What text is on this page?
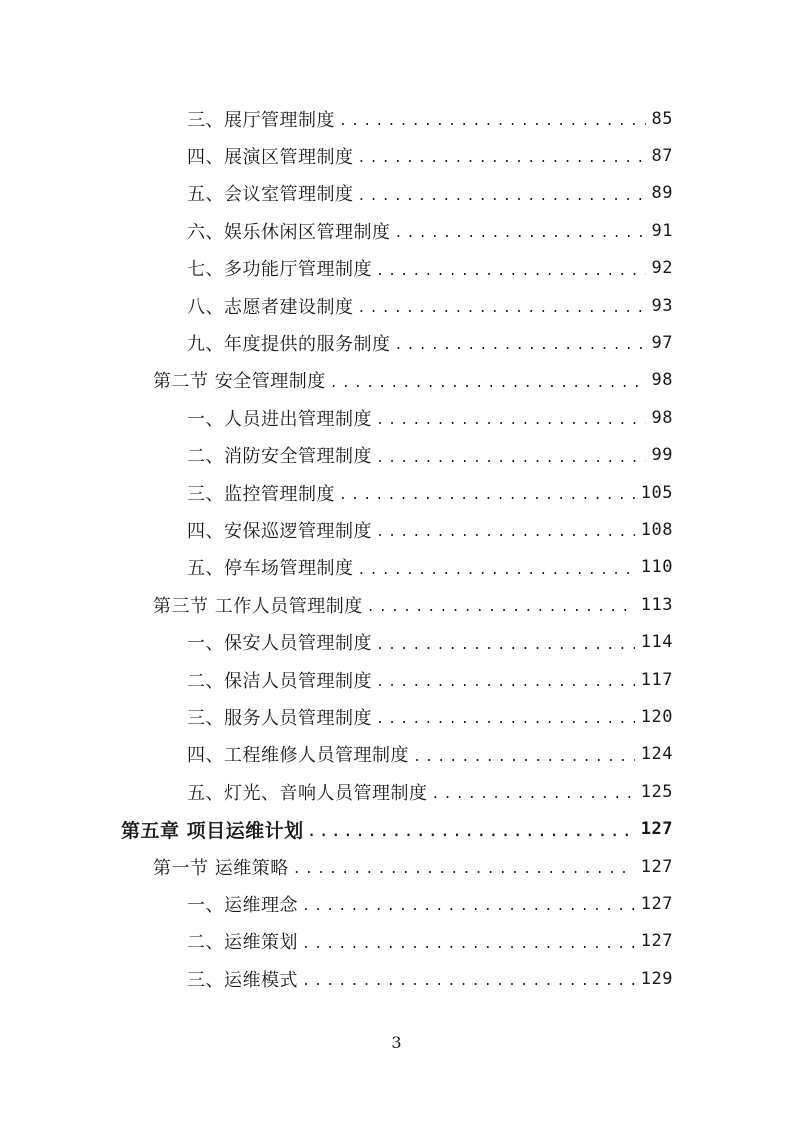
三、展厅管理制度 .....	85
四、展演区管理制度 .....	87
五、会议室管理制度 .....	89
六、娱乐休闲区管理制度 .....	91
七、多功能厅管理制度 .....	92
八、志愿者建设制度 .....	93
九、年度提供的服务制度 .....	97
第二节 安全管理制度 .....	98
一、人员进出管理制度 .....	98
二、消防安全管理制度 .....	99
三、监控管理制度 .....	105
四、安保巡逻管理制度 .....	108
五、停车场管理制度 .....	110
第三节 工作人员管理制度 .....	113
一、保安人员管理制度 .....	114
二、保洁人员管理制度 .....	117
三、服务人员管理制度 .....	120
四、工程维修人员管理制度 .....	124
五、灯光、音响人员管理制度 .....	125
第五章 项目运维计划 .....	127
第一节 运维策略 .....	127
一、运维理念 .....	127
二、运维策划 .....	127
三、运维模式 .....	129
3
